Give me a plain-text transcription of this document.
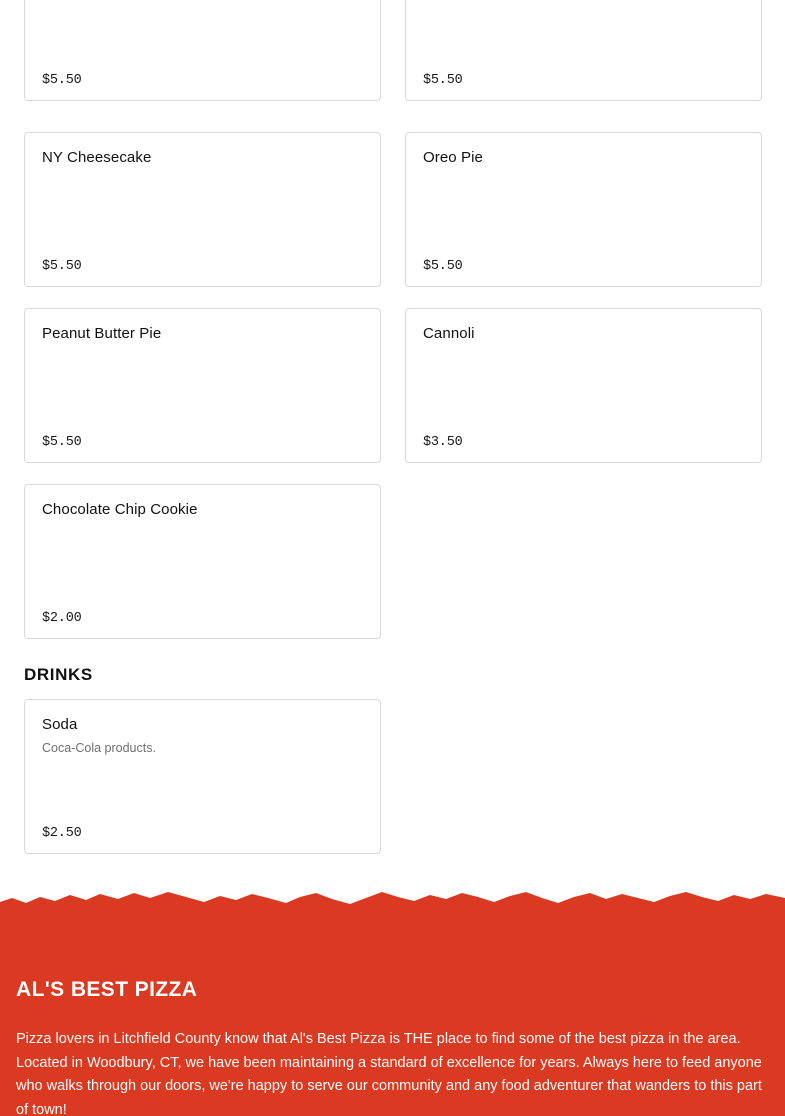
$5.50	$5.50
NY Cheesecake
$5.50
Oreo Pie
$5.50
Peanut Butter Pie
$5.50
Cannoli
$3.50
Chocolate Chip Cookie
$2.00
DRINKS
Soda
Coca-Cola products.
$2.50
AL'S BEST PIZZA
Pizza lovers in Litchfield County know that Al's Best Pizza is THE place to find some of the best pizza in the area. Located in Woodbury, CT, we have been maintaining a standard of excellence for years. Always here to feed anyone who walks through our doors, we're happy to serve our community and any food adventurer that wanders to this part of town!
